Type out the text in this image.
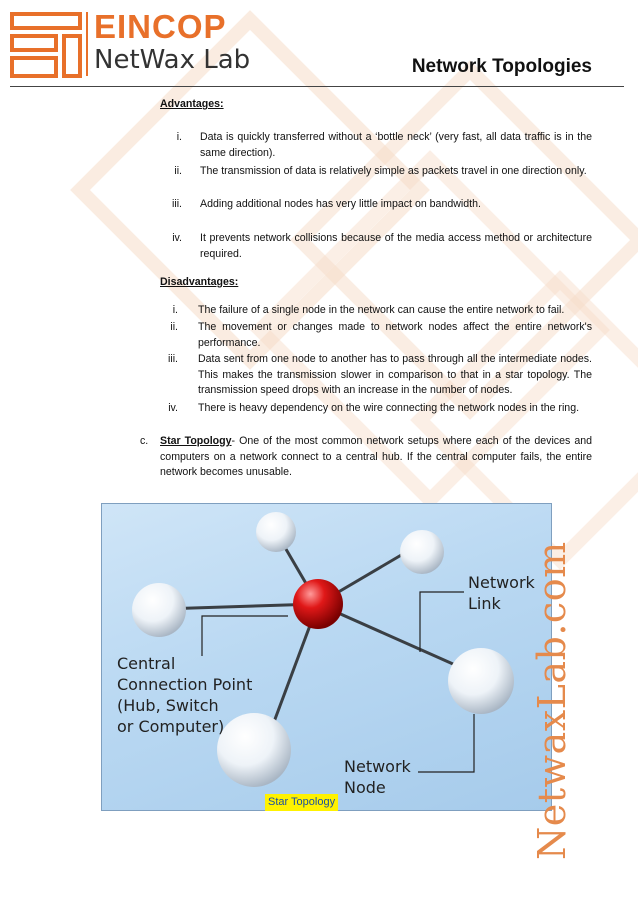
EINCOP
NetWax Lab	Network Topologies
Advantages:
i. Data is quickly transferred without a ‘bottle neck’ (very fast, all data traffic is in the same direction).
ii. The transmission of data is relatively simple as packets travel in one direction only.
iii. Adding additional nodes has very little impact on bandwidth.
iv. It prevents network collisions because of the media access method or architecture required.
Disadvantages:
i. The failure of a single node in the network can cause the entire network to fail.
ii. The movement or changes made to network nodes affect the entire network's performance.
iii. Data sent from one node to another has to pass through all the intermediate nodes. This makes the transmission slower in comparison to that in a star topology. The transmission speed drops with an increase in the number of nodes.
iv. There is heavy dependency on the wire connecting the network nodes in the ring.
c. Star Topology- One of the most common network setups where each of the devices and computers on a network connect to a central hub. If the central computer fails, the entire network becomes unusable.
Network
Link
Central
Connection Point
(Hub, Switch
or Computer)
Network
Node
Star Topology	NetwaxLab.com
